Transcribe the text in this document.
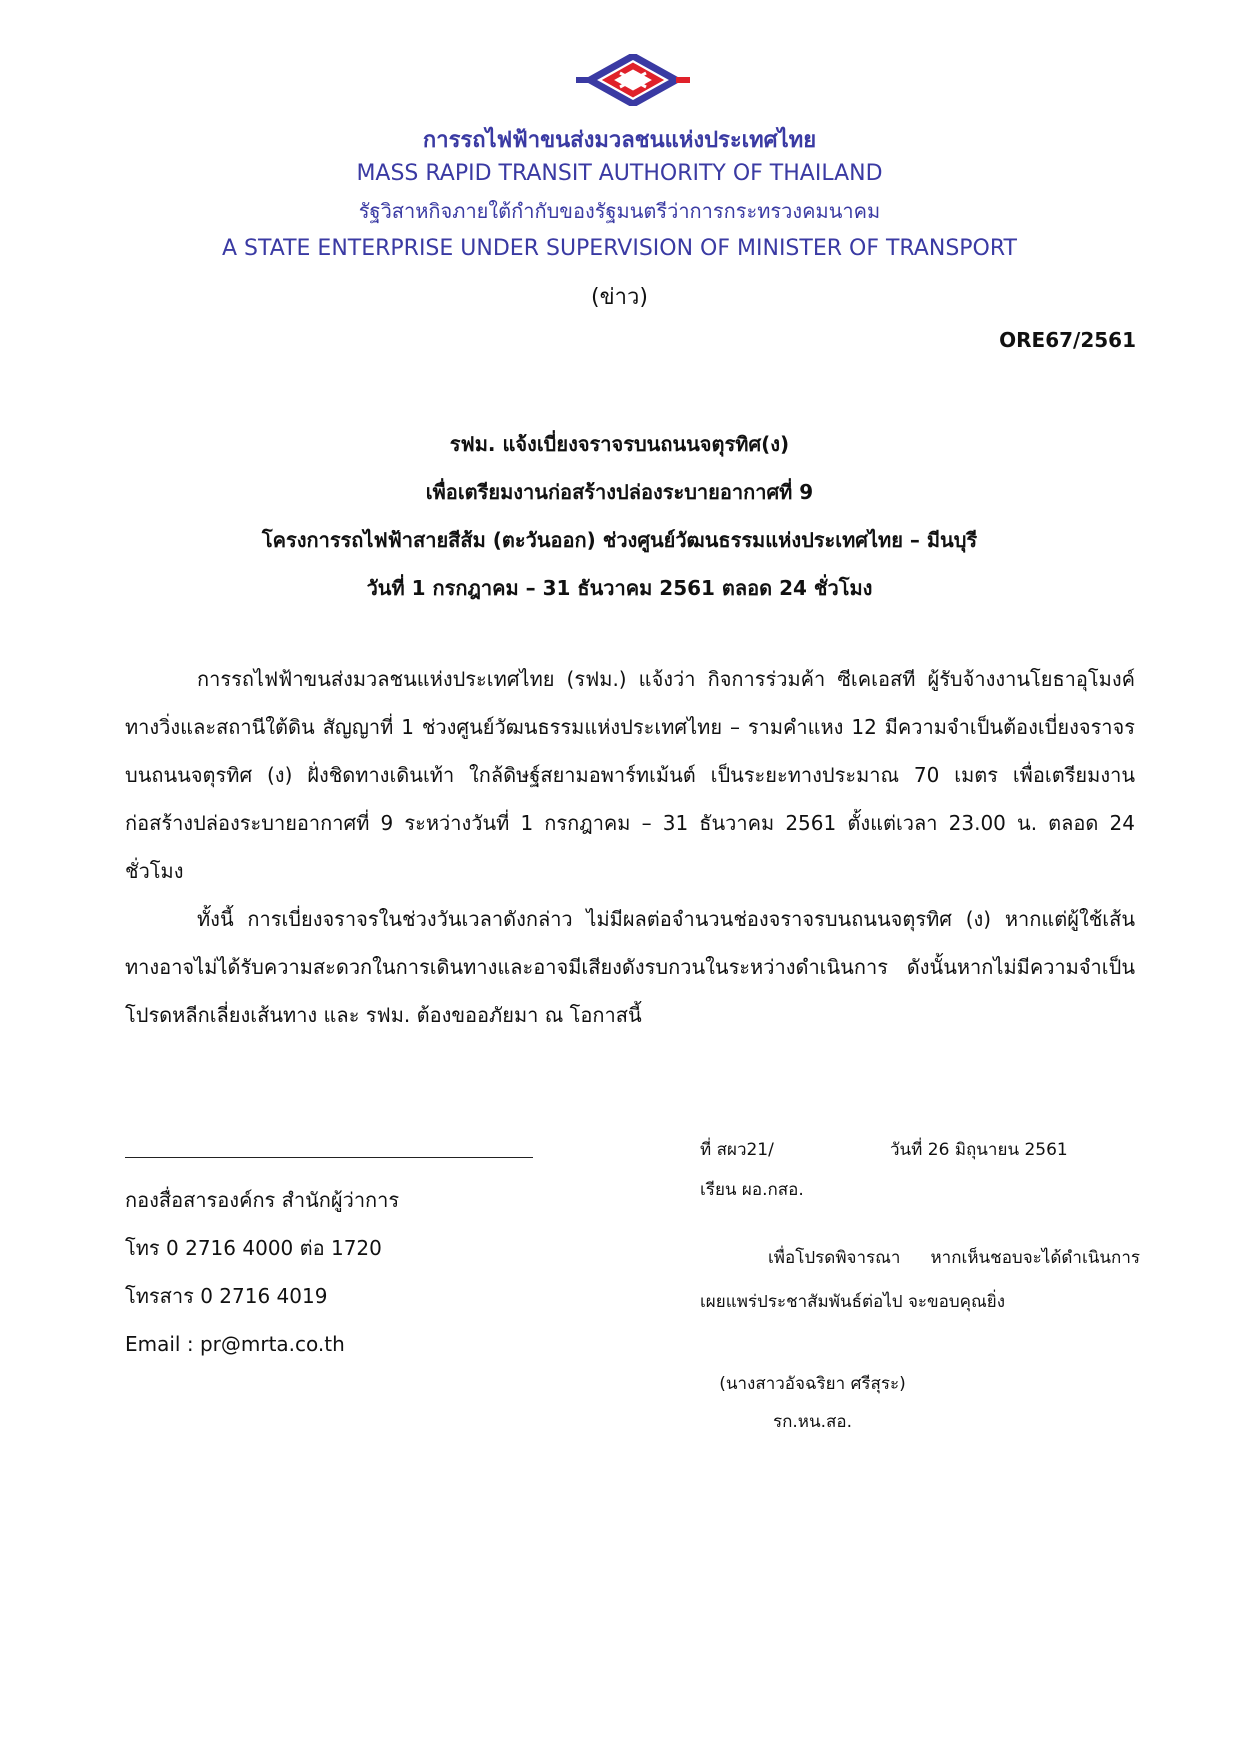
การรถไฟฟ้าขนส่งมวลชนแห่งประเทศไทย
MASS RAPID TRANSIT AUTHORITY OF THAILAND
รัฐวิสาหกิจภายใต้กำกับของรัฐมนตรีว่าการกระทรวงคมนาคม
A STATE ENTERPRISE UNDER SUPERVISION OF MINISTER OF TRANSPORT
(ข่าว)
ORE67/2561
รฟม. แจ้งเบี่ยงจราจรบนถนนจตุรทิศ(ง)
เพื่อเตรียมงานก่อสร้างปล่องระบายอากาศที่ 9
โครงการรถไฟฟ้าสายสีส้ม (ตะวันออก) ช่วงศูนย์วัฒนธรรมแห่งประเทศไทย – มีนบุรี
วันที่ 1 กรกฎาคม – 31 ธันวาคม 2561 ตลอด 24 ชั่วโมง

การรถไฟฟ้าขนส่งมวลชนแห่งประเทศไทย (รฟม.) แจ้งว่า กิจการร่วมค้า ซีเคเอสที ผู้รับจ้างงานโยธาอุโมงค์ทางวิ่งและสถานีใต้ดิน สัญญาที่ 1 ช่วงศูนย์วัฒนธรรมแห่งประเทศไทย – รามคำแหง 12 มีความจำเป็นต้องเบี่ยงจราจรบนถนนจตุรทิศ (ง) ฝั่งชิดทางเดินเท้า ใกล้ดิษฐ์สยามอพาร์ทเม้นต์ เป็นระยะทางประมาณ 70 เมตร เพื่อเตรียมงานก่อสร้างปล่องระบายอากาศที่ 9 ระหว่างวันที่ 1 กรกฎาคม – 31 ธันวาคม 2561 ตั้งแต่เวลา 23.00 น. ตลอด 24 ชั่วโมง

ทั้งนี้ การเบี่ยงจราจรในช่วงวันเวลาดังกล่าว ไม่มีผลต่อจำนวนช่องจราจรบนถนนจตุรทิศ (ง) หากแต่ผู้ใช้เส้นทางอาจไม่ได้รับความสะดวกในการเดินทางและอาจมีเสียงดังรบกวนในระหว่างดำเนินการ ดังนั้นหากไม่มีความจำเป็น โปรดหลีกเลี่ยงเส้นทาง และ รฟม. ต้องขออภัยมา ณ โอกาสนี้

กองสื่อสารองค์กร สำนักผู้ว่าการ
โทร 0 2716 4000 ต่อ 1720
โทรสาร 0 2716 4019
Email : pr@mrta.co.th
ที่ สผว21/	วันที่ 26 มิถุนายน 2561
เรียน ผอ.กสอ.

เพื่อโปรดพิจารณา หากเห็นชอบจะได้ดำเนินการเผยแพร่ประชาสัมพันธ์ต่อไป จะขอบคุณยิ่ง

(นางสาวอัจฉริยา ศรีสุระ)
รก.หน.สอ.
